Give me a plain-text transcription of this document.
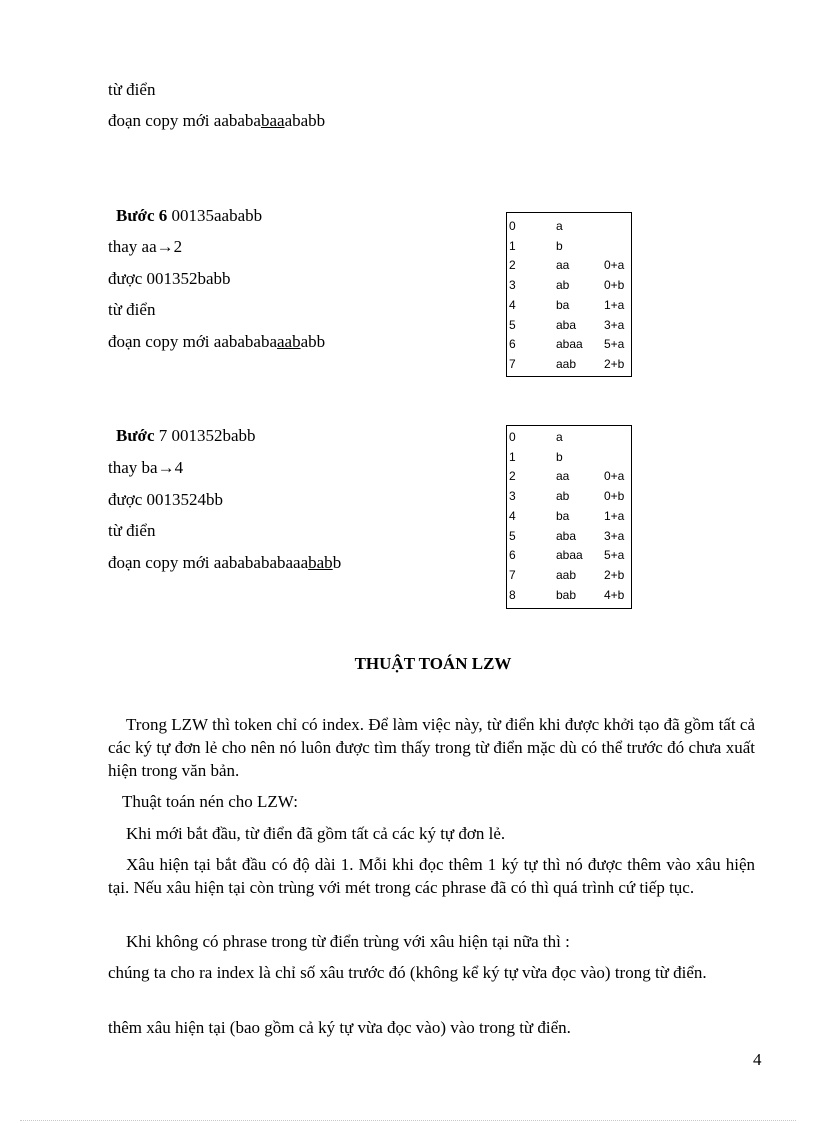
từ điển
đoạn copy mới aabababaaababb
Bước 6 00135aababb
thay aa→2
được 001352babb
từ điển
đoạn copy mới aabababaaababb
0	a
1	b
2	aa	0+a
3	ab	0+b
4	ba	1+a
5	aba 3+a
6	abaa 5+a
7	aab 2+b
Bước 7 001352babb
thay ba→4
được 0013524bb
từ điển
đoạn copy mới aababababaaababb
0	a
1	b
2	aa	0+a
3	ab	0+b
4	ba	1+a
5	aba 3+a
6	abaa 5+a
7	aab 2+b
8	bab 4+b
THUẬT TOÁN LZW
Trong LZW thì token chỉ có index. Để làm việc này, từ điển khi được khởi tạo đã gồm tất cả các ký tự đơn lẻ cho nên nó luôn được tìm thấy trong từ điển mặc dù có thể trước đó chưa xuất hiện trong văn bản.
Thuật toán nén cho LZW:
Khi mới bắt đầu, từ điển đã gồm tất cả các ký tự đơn lẻ.
Xâu hiện tại bắt đầu có độ dài 1. Mỗi khi đọc thêm 1 ký tự thì nó được thêm vào xâu hiện tại. Nếu xâu hiện tại còn trùng với mét trong các phrase đã có thì quá trình cứ tiếp tục.
Khi không có phrase trong từ điển trùng với xâu hiện tại nữa thì :
chúng ta cho ra index là chỉ số xâu trước đó (không kể ký tự vừa đọc vào) trong từ điển.
thêm xâu hiện tại (bao gồm cả ký tự vừa đọc vào) vào trong từ điển.
4
